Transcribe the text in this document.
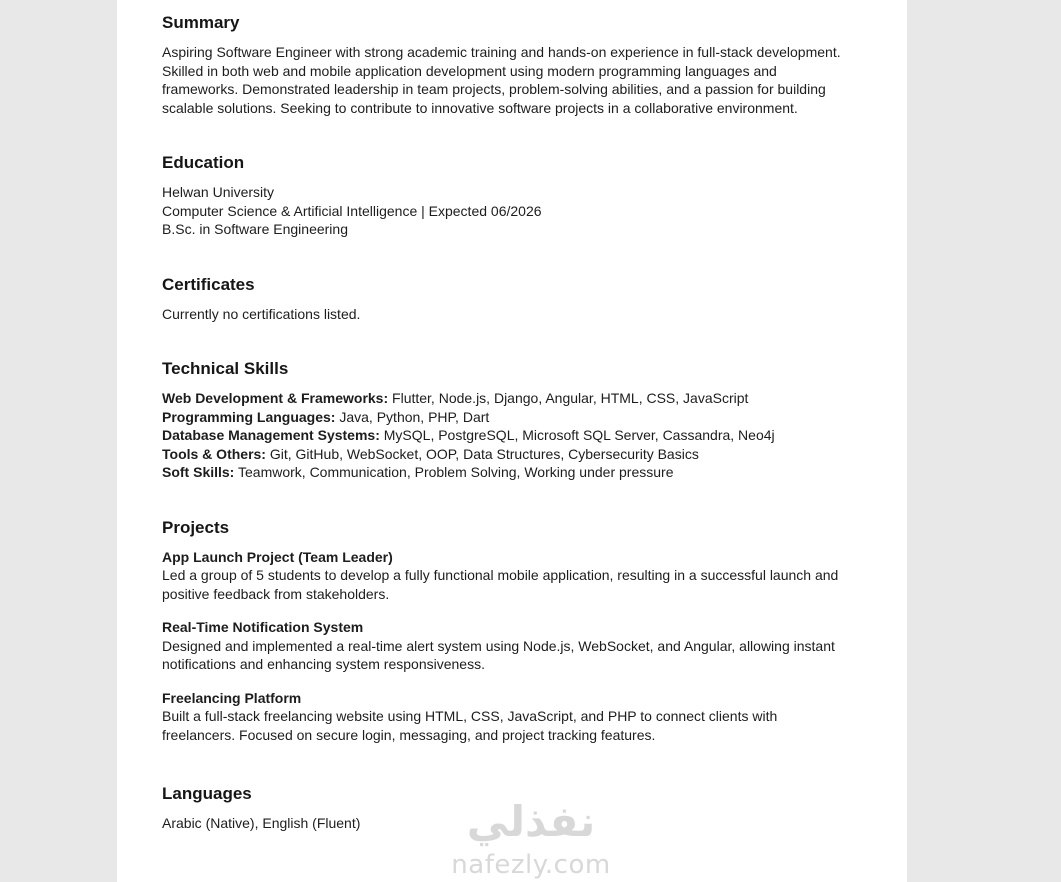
Summary

Aspiring Software Engineer with strong academic training and hands-on experience in full-stack development. Skilled in both web and mobile application development using modern programming languages and frameworks. Demonstrated leadership in team projects, problem-solving abilities, and a passion for building scalable solutions. Seeking to contribute to innovative software projects in a collaborative environment.

Education
Helwan University
Computer Science & Artificial Intelligence | Expected 06/2026
B.Sc. in Software Engineering
Certificates
Currently no certifications listed.
Technical Skills
Web Development & Frameworks: Flutter, Node.js, Django, Angular, HTML, CSS, JavaScript
Programming Languages: Java, Python, PHP, Dart
Database Management Systems: MySQL, PostgreSQL, Microsoft SQL Server, Cassandra, Neo4j
Tools & Others: Git, GitHub, WebSocket, OOP, Data Structures, Cybersecurity Basics
Soft Skills: Teamwork, Communication, Problem Solving, Working under pressure
Projects
App Launch Project (Team Leader)
Led a group of 5 students to develop a fully functional mobile application, resulting in a successful launch and positive feedback from stakeholders.
Real-Time Notification System
Designed and implemented a real-time alert system using Node.js, WebSocket, and Angular, allowing instant notifications and enhancing system responsiveness.
Freelancing Platform
Built a full-stack freelancing website using HTML, CSS, JavaScript, and PHP to connect clients with freelancers. Focused on secure login, messaging, and project tracking features.
Languages
Arabic (Native), English (Fluent)	نفذلي
nafezly.com
